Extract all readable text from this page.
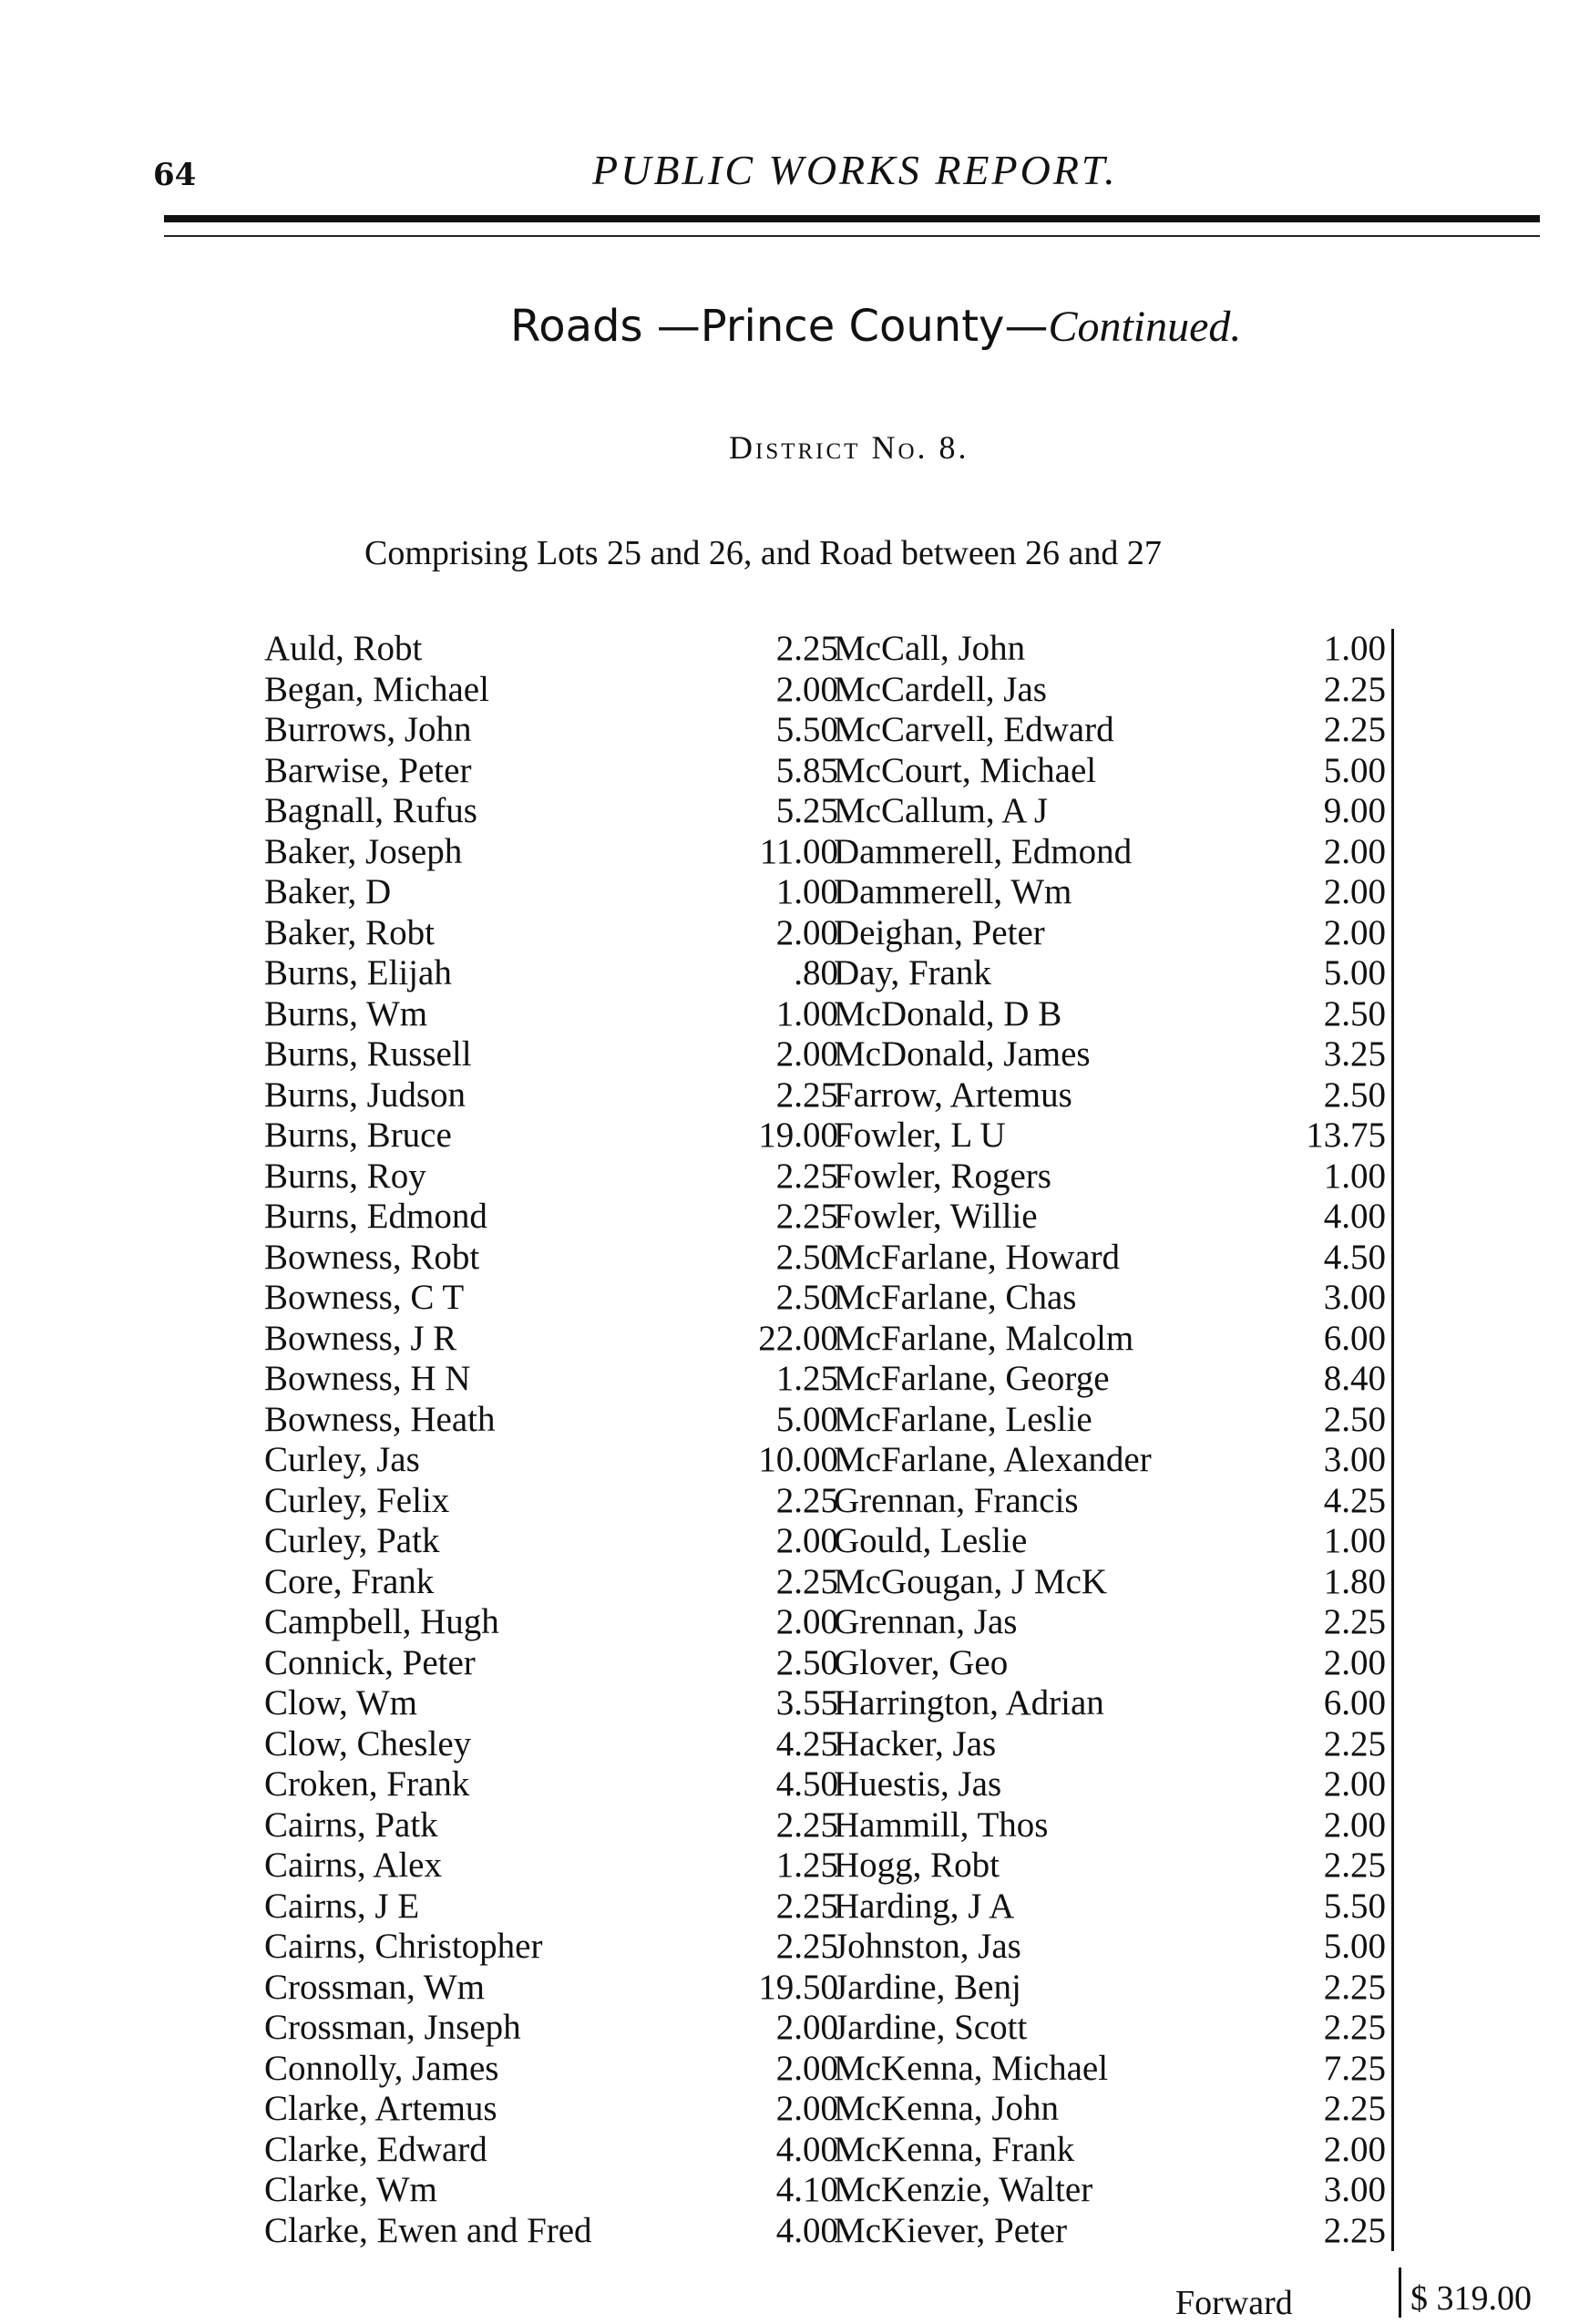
64	PUBLIC WORKS REPORT.
Roads —Prince County—Continued.
District No. 8.
Comprising Lots 25 and 26, and Road between 26 and 27
Auld, Robt	2.25
Began, Michael	2.00
Burrows, John	5.50
Barwise, Peter	5.85
Bagnall, Rufus	5.25
Baker, Joseph	11.00
Baker, D	1.00
Baker, Robt	2.00
Burns, Elijah	.80
Burns, Wm	1.00
Burns, Russell	2.00
Burns, Judson	2.25
Burns, Bruce	19.00
Burns, Roy	2.25
Burns, Edmond	2.25
Bowness, Robt	2.50
Bowness, C T	2.50
Bowness, J R	22.00
Bowness, H N	1.25
Bowness, Heath	5.00
Curley, Jas	10.00
Curley, Felix	2.25
Curley, Patk	2.00
Core, Frank	2.25
Campbell, Hugh	2.00
Connick, Peter	2.50
Clow, Wm	3.55
Clow, Chesley	4.25
Croken, Frank	4.50
Cairns, Patk	2.25
Cairns, Alex	1.25
Cairns, J E	2.25
Cairns, Christopher	2.25
Crossman, Wm	19.50
Crossman, Jnseph	2.00
Connolly, James	2.00
Clarke, Artemus	2.00
Clarke, Edward	4.00
Clarke, Wm	4.10
Clarke, Ewen and Fred	4.00
McCall, John	1.00
McCardell, Jas	2.25
McCarvell, Edward	2.25
McCourt, Michael	5.00
McCallum, A J	9.00
Dammerell, Edmond	2.00
Dammerell, Wm	2.00
Deighan, Peter	2.00
Day, Frank	5.00
McDonald, D B	2.50
McDonald, James	3.25
Farrow, Artemus	2.50
Fowler, L U	13.75
Fowler, Rogers	1.00
Fowler, Willie	4.00
McFarlane, Howard	4.50
McFarlane, Chas	3.00
McFarlane, Malcolm	6.00
McFarlane, George	8.40
McFarlane, Leslie	2.50
McFarlane, Alexander	3.00
Grennan, Francis	4.25
Gould, Leslie	1.00
McGougan, J McK	1.80
Grennan, Jas	2.25
Glover, Geo	2.00
Harrington, Adrian	6.00
Hacker, Jas	2.25
Huestis, Jas	2.00
Hammill, Thos	2.00
Hogg, Robt	2.25
Harding, J A	5.50
Johnston, Jas	5.00
Jardine, Benj	2.25
Jardine, Scott	2.25
McKenna, Michael	7.25
McKenna, John	2.25
McKenna, Frank	2.00
McKenzie, Walter	3.00
McKiever, Peter	2.25
Forward	$ 319.00
